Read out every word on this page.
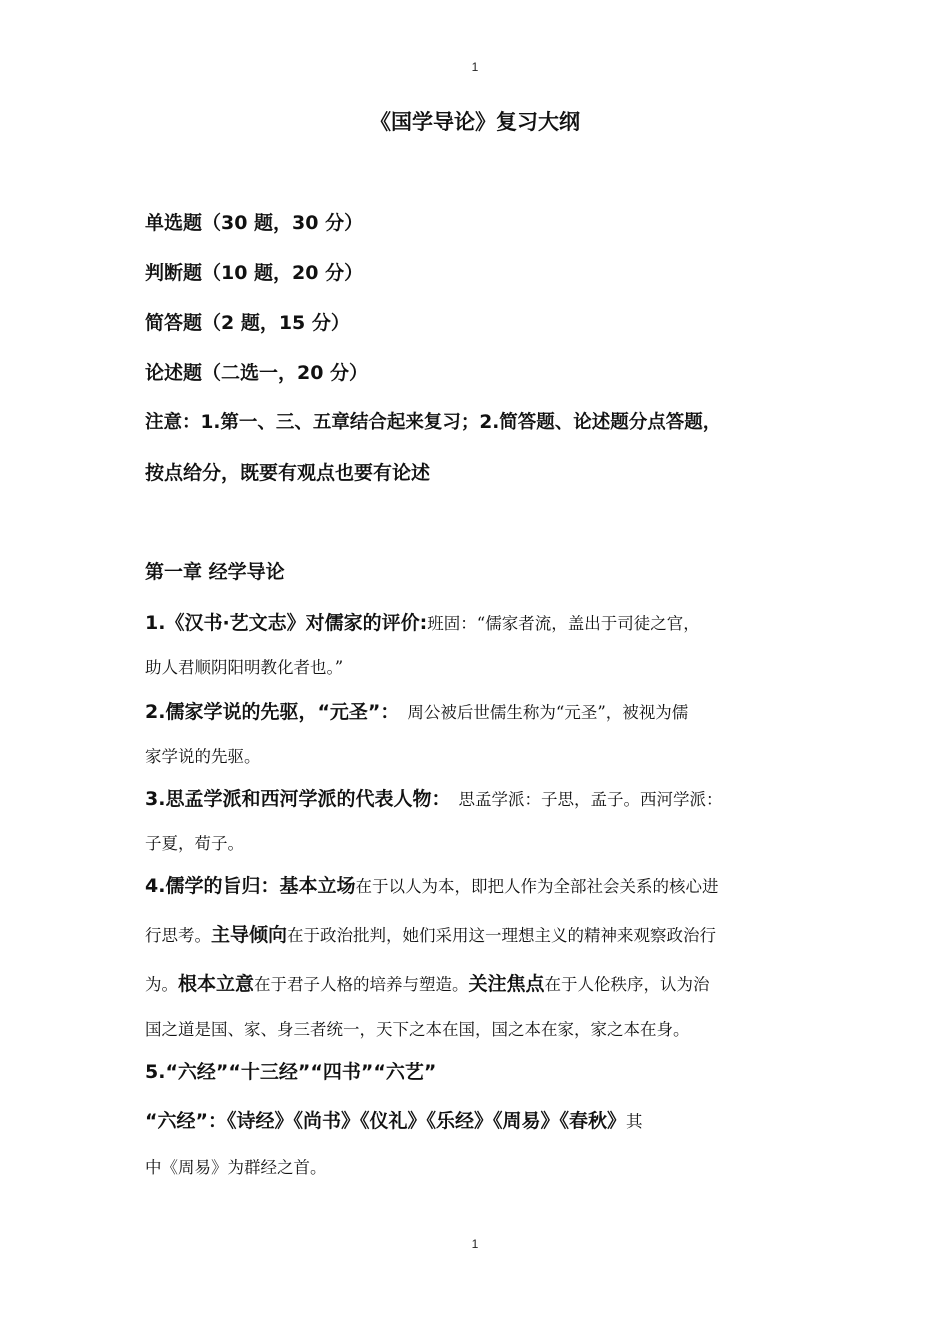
1
《国学导论》复习大纲
单选题（30 题，30 分）
判断题（10 题，20 分）
简答题（2 题，15 分）
论述题（二选一，20 分）
注意：1.第一、三、五章结合起来复习；2.简答题、论述题分点答题，
按点给分，既要有观点也要有论述
第一章 经学导论
1.《汉书·艺文志》对儒家的评价:班固：“儒家者流，盖出于司徒之官，
助人君顺阴阳明教化者也。”
2.儒家学说的先驱，“元圣”： 周公被后世儒生称为“元圣”，被视为儒
家学说的先驱。
3.思孟学派和西河学派的代表人物： 思孟学派：子思，孟子。西河学派：
子夏，荀子。
4.儒学的旨归：基本立场在于以人为本，即把人作为全部社会关系的核心进
行思考。主导倾向在于政治批判，她们采用这一理想主义的精神来观察政治行
为。根本立意在于君子人格的培养与塑造。关注焦点在于人伦秩序，认为治
国之道是国、家、身三者统一，天下之本在国，国之本在家，家之本在身。
5.“六经”“十三经”“四书”“六艺”
“六经”：《诗经》《尚书》《仪礼》《乐经》《周易》《春秋》其
中《周易》为群经之首。
1
